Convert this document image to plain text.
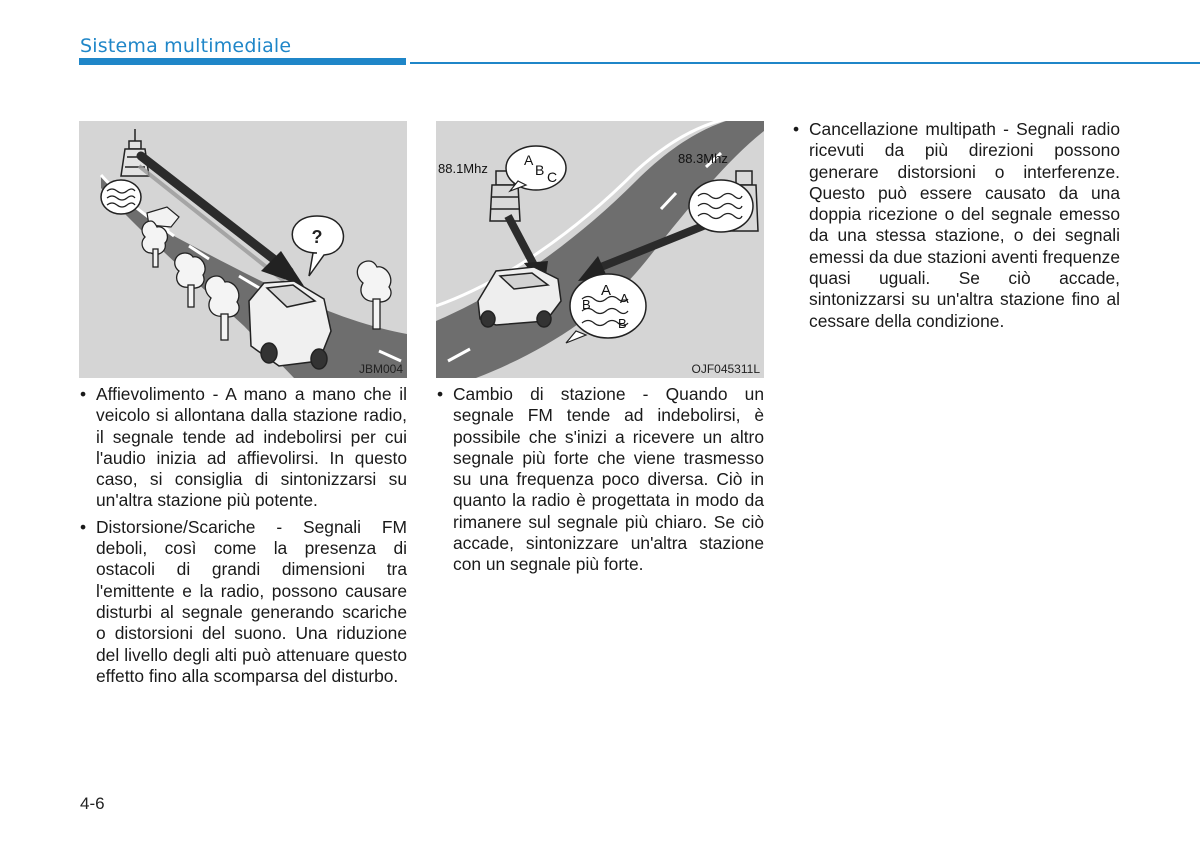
Sistema multimediale
?
JBM004
88.1Mhz
88.3Mhz
A
B C
A
B A
B
OJF045311L
• Affievolimento - A mano a mano che il veicolo si allontana dalla stazione radio, il segnale tende ad indebolirsi per cui l'audio inizia ad affievolirsi. In questo caso, si consiglia di sintonizzarsi su un'altra stazione più potente.
• Distorsione/Scariche - Segnali FM deboli, così come la presenza di ostacoli di grandi dimensioni tra l'emittente e la radio, possono causare disturbi al segnale generando scariche o distorsioni del suono. Una riduzione del livello degli alti può attenuare questo effetto fino alla scomparsa del disturbo.
• Cambio di stazione - Quando un segnale FM tende ad indebolirsi, è possibile che s'inizi a ricevere un altro segnale più forte che viene trasmesso su una frequenza poco diversa. Ciò in quanto la radio è progettata in modo da rimanere sul segnale più chiaro. Se ciò accade, sintonizzare un'altra stazione con un segnale più forte.
• Cancellazione multipath - Segnali radio ricevuti da più direzioni possono generare distorsioni o interferenze. Questo può essere causato da una doppia ricezione o del segnale emesso da una stessa stazione, o dei segnali emessi da due stazioni aventi frequenze quasi uguali. Se ciò accade, sintonizzarsi su un'altra stazione fino al cessare della condizione.
4-6
